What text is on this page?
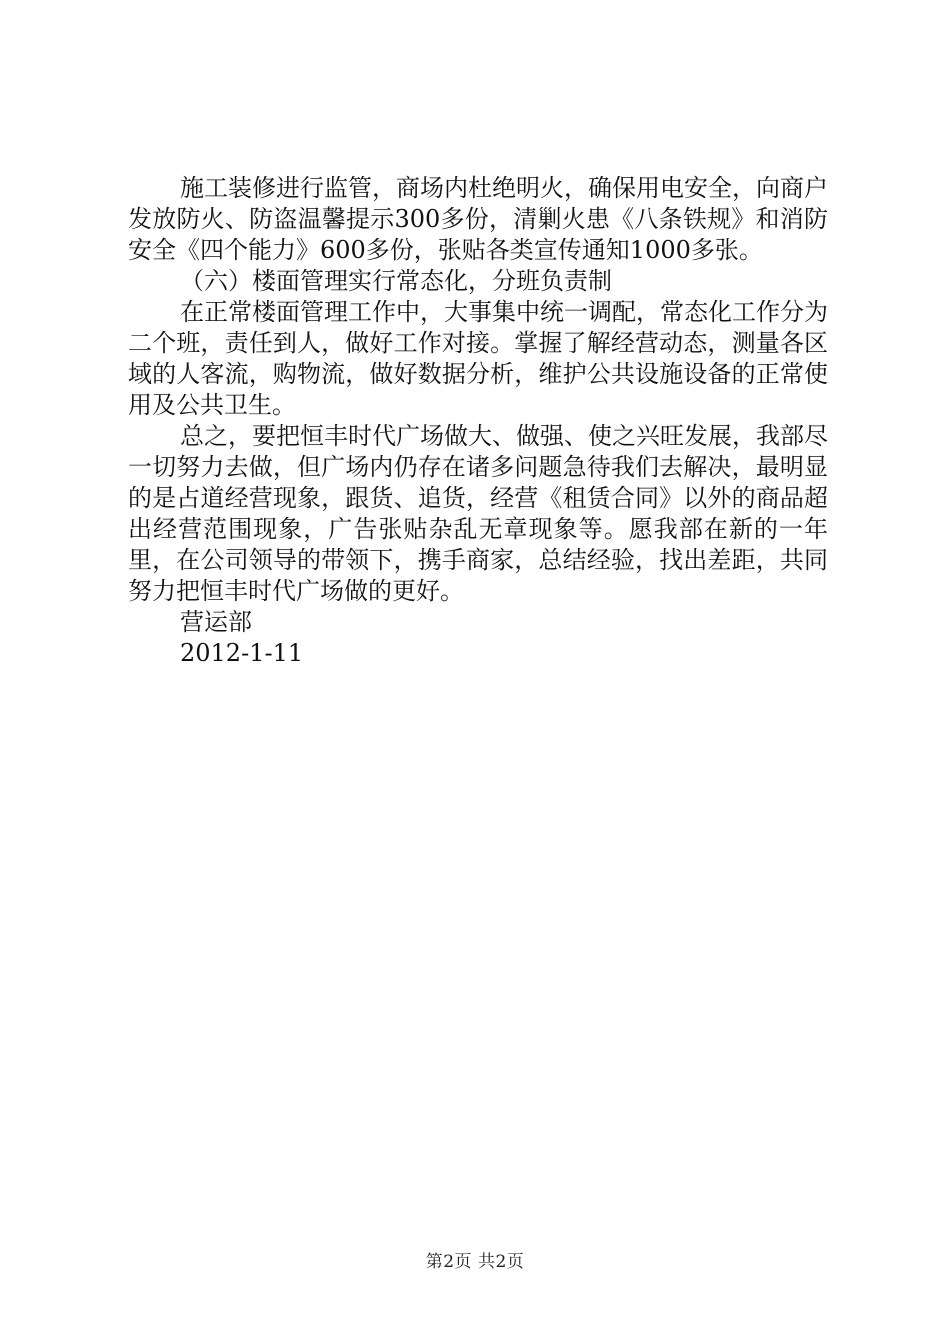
施工装修进行监管，商场内杜绝明火，确保用电安全，向商户发放防火、防盗温馨提示300多份，清剿火患《八条铁规》和消防安全《四个能力》600多份，张贴各类宣传通知1000多张。

（六）楼面管理实行常态化，分班负责制

在正常楼面管理工作中，大事集中统一调配，常态化工作分为二个班，责任到人，做好工作对接。掌握了解经营动态，测量各区域的人客流，购物流，做好数据分析，维护公共设施设备的正常使用及公共卫生。

总之，要把恒丰时代广场做大、做强、使之兴旺发展，我部尽一切努力去做，但广场内仍存在诸多问题急待我们去解决，最明显的是占道经营现象，跟货、追货，经营《租赁合同》以外的商品超出经营范围现象，广告张贴杂乱无章现象等。愿我部在新的一年里，在公司领导的带领下，携手商家，总结经验，找出差距，共同努力把恒丰时代广场做的更好。

营运部

2012-1-11

第2页 共2页
